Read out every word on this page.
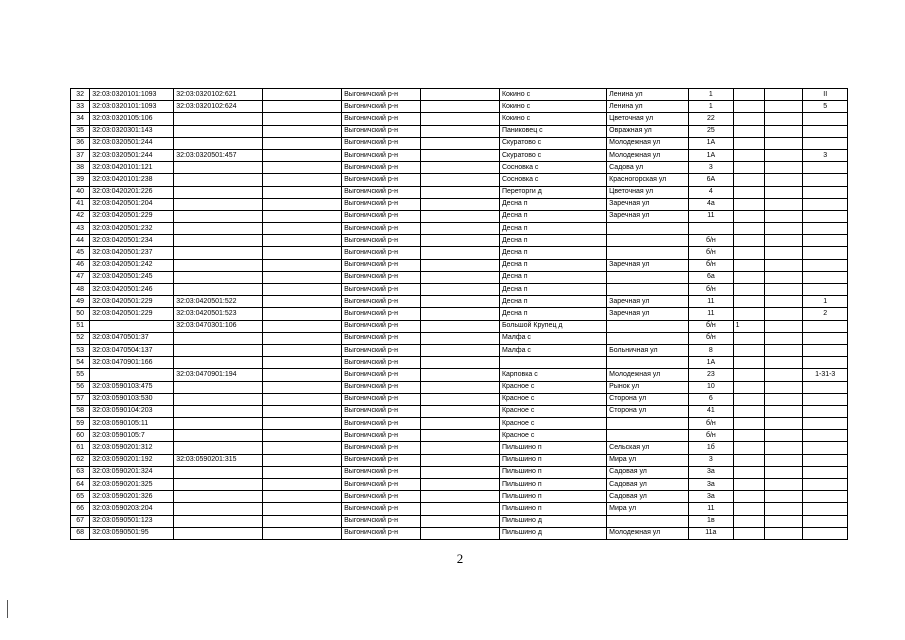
32	32:03:0320101:1093	32:03:0320102:621		Выгоничский р-н		Кокино с	Ленина ул	1			II
33	32:03:0320101:1093	32:03:0320102:624		Выгоничский р-н		Кокино с	Ленина ул	1			5
34	32:03:0320105:106			Выгоничский р-н		Кокино с	Цветочная ул	22			
35	32:03:0320301:143			Выгоничский р-н		Паниковец с	Овражная ул	25			
36	32:03:0320501:244			Выгоничский р-н		Скуратово с	Молодежная ул	1А			
37	32:03:0320501:244	32:03:0320501:457		Выгоничский р-н		Скуратово с	Молодежная ул	1А			3
38	32:03:0420101:121			Выгоничский р-н		Сосновка с	Садова ул	3			
39	32:03:0420101:238			Выгоничский р-н		Сосновка с	Красногорская ул	6А			
40	32:03:0420201:226			Выгоничский р-н		Переторги д	Цветочная ул	4			
41	32:03:0420501:204			Выгоничский р-н		Десна п	Заречная ул	4а			
42	32:03:0420501:229			Выгоничский р-н		Десна п	Заречная ул	11			
43	32:03:0420501:232			Выгоничский р-н		Десна п					
44	32:03:0420501:234			Выгоничский р-н		Десна п		б/н			
45	32:03:0420501:237			Выгоничский р-н		Десна п		б/н			
46	32:03:0420501:242			Выгоничский р-н		Десна п	Заречная ул	б/н			
47	32:03:0420501:245			Выгоничский р-н		Десна п		6а			
48	32:03:0420501:246			Выгоничский р-н		Десна п		б/н			
49	32:03:0420501:229	32:03:0420501:522		Выгоничский р-н		Десна п	Заречная ул	11			1
50	32:03:0420501:229	32:03:0420501:523		Выгоничский р-н		Десна п	Заречная ул	11			2
51		32:03:0470301:106		Выгоничский р-н		Большой Крупец д		б/н	1		
52	32:03:0470501:37			Выгоничский р-н		Малфа с		б/н			
53	32:03:0470504:137			Выгоничский р-н		Малфа с	Больничная ул	8			
54	32:03:0470901:166			Выгоничский р-н				1А			
55		32:03:0470901:194		Выгоничский р-н		Карповка с	Молодежная ул	23			1-31-3
56	32:03:0590103:475			Выгоничский р-н		Красное с	Рынок ул	10			
57	32:03:0590103:530			Выгоничский р-н		Красное с	Сторона ул	6			
58	32:03:0590104:203			Выгоничский р-н		Красное с	Сторона ул	41			
59	32:03:0590105:11			Выгоничский р-н		Красное с		б/н			
60	32:03:0590105:7			Выгоничский р-н		Красное с		б/н			
61	32:03:0590201:312			Выгоничский р-н		Пильшино п	Сельская ул	1б			
62	32:03:0590201:192	32:03:0590201:315		Выгоничский р-н		Пильшино п	Мира ул	3			
63	32:03:0590201:324			Выгоничский р-н		Пильшино п	Садовая ул	3а			
64	32:03:0590201:325			Выгоничский р-н		Пильшино п	Садовая ул	3а			
65	32:03:0590201:326			Выгоничский р-н		Пильшино п	Садовая ул	3а			
66	32:03:0590203:204			Выгоничский р-н		Пильшино п	Мира ул	11			
67	32:03:0590501:123			Выгоничский р-н		Пильшино д		1в			
68	32:03:0590501:95			Выгоничский р-н		Пильшино д	Молодежная ул	11а			
2
